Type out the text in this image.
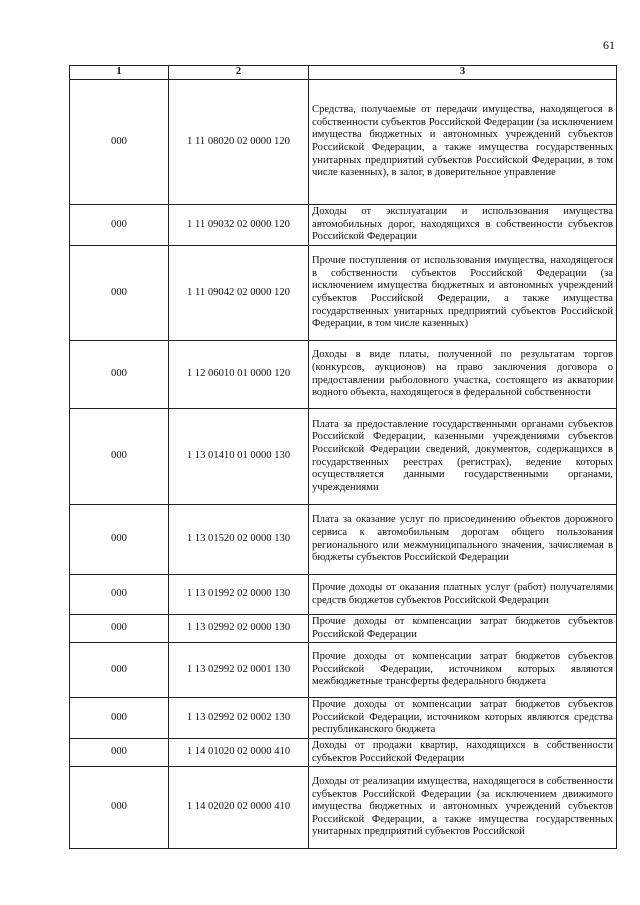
61
1	2	3
000	1 11 08020 02 0000 120	Средства, получаемые от передачи имущества, находящегося в собственности субъектов Российской Федерации (за исключением имущества бюджетных и автономных учреждений субъектов Российской Федерации, а также имущества государственных унитарных предприятий субъектов Российской Федерации, в том числе казенных), в залог, в доверительное управление
000	1 11 09032 02 0000 120	Доходы от эксплуатации и использования имущества автомобильных дорог, находящихся в собственности субъектов Российской Федерации
000	1 11 09042 02 0000 120	Прочие поступления от использования имущества, находящегося в собственности субъектов Российской Федерации (за исключением имущества бюджетных и автономных учреждений субъектов Российской Федерации, а также имущества государственных унитарных предприятий субъектов Российской Федерации, в том числе казенных)
000	1 12 06010 01 0000 120	Доходы в виде платы, полученной по результатам торгов (конкурсов, аукционов) на право заключения договора о предоставлении рыболовного участка, состоящего из акватории водного объекта, находящегося в федеральной собственности
000	1 13 01410 01 0000 130	Плата за предоставление государственными органами субъектов Российской Федерации, казенными учреждениями субъектов Российской Федерации сведений, документов, содержащихся в государственных реестрах (регистрах), ведение которых осуществляется данными государственными органами, учреждениями
000	1 13 01520 02 0000 130	Плата за оказание услуг по присоединению объектов дорожного сервиса к автомобильным дорогам общего пользования регионального или межмуниципального значения, зачисляемая в бюджеты субъектов Российской Федерации
000	1 13 01992 02 0000 130	Прочие доходы от оказания платных услуг (работ) получателями средств бюджетов субъектов Российской Федерации
000	1 13 02992 02 0000 130	Прочие доходы от компенсации затрат бюджетов субъектов Российской Федерации
000	1 13 02992 02 0001 130	Прочие доходы от компенсации затрат бюджетов субъектов Российской Федерации, источником которых являются межбюджетные трансферты федерального бюджета
000	1 13 02992 02 0002 130	Прочие доходы от компенсации затрат бюджетов субъектов Российской Федерации, источником которых являются средства республиканского бюджета
000	1 14 01020 02 0000 410	Доходы от продажи квартир, находящихся в собственности субъектов Российской Федерации
000	1 14 02020 02 0000 410	Доходы от реализации имущества, находящегося в собственности субъектов Российской Федерации (за исключением движимого имущества бюджетных и автономных учреждений субъектов Российской Федерации, а также имущества государственных унитарных предприятий субъектов Российской
